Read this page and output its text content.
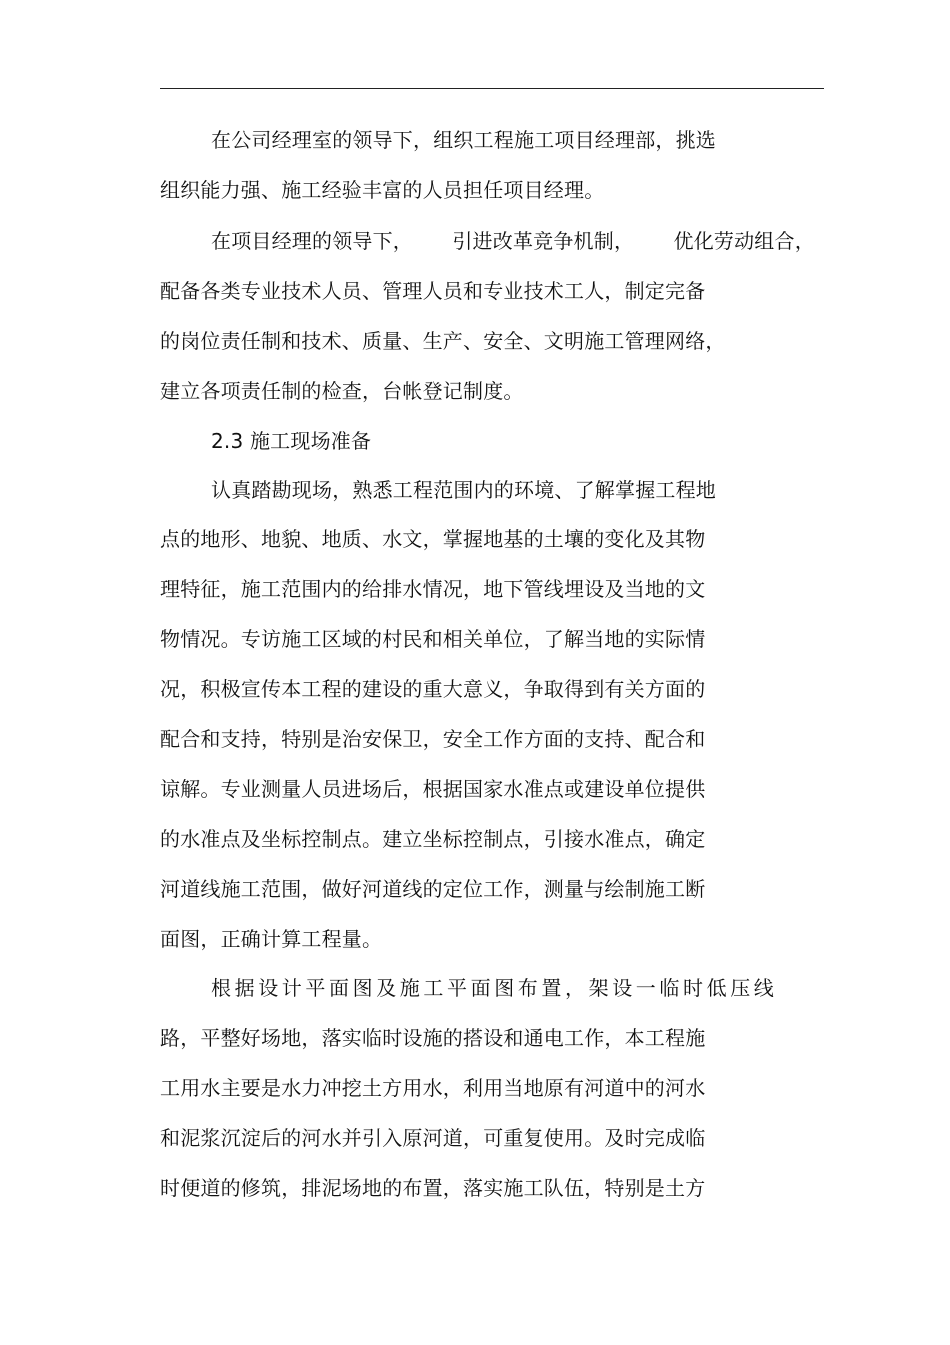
在公司经理室的领导下，组织工程施工项目经理部，挑选
组织能力强、施工经验丰富的人员担任项目经理。
在项目经理的领导下，      引进改革竞争机制，      优化劳动组合，
配备各类专业技术人员、管理人员和专业技术工人，制定完备
的岗位责任制和技术、质量、生产、安全、文明施工管理网络，
建立各项责任制的检查，台帐登记制度。
2.3 施工现场准备
认真踏勘现场，熟悉工程范围内的环境、了解掌握工程地
点的地形、地貌、地质、水文，掌握地基的土壤的变化及其物
理特征，施工范围内的给排水情况，地下管线埋设及当地的文
物情况。专访施工区域的村民和相关单位，了解当地的实际情
况，积极宣传本工程的建设的重大意义，争取得到有关方面的
配合和支持，特别是治安保卫，安全工作方面的支持、配合和
谅解。专业测量人员进场后，根据国家水准点或建设单位提供
的水准点及坐标控制点。建立坐标控制点，引接水准点，确定
河道线施工范围，做好河道线的定位工作，测量与绘制施工断
面图，正确计算工程量。
根据设计平面图及施工平面图布置，架设一临时低压线
路，平整好场地，落实临时设施的搭设和通电工作，本工程施
工用水主要是水力冲挖土方用水，利用当地原有河道中的河水
和泥浆沉淀后的河水并引入原河道，可重复使用。及时完成临
时便道的修筑，排泥场地的布置，落实施工队伍，特别是土方
